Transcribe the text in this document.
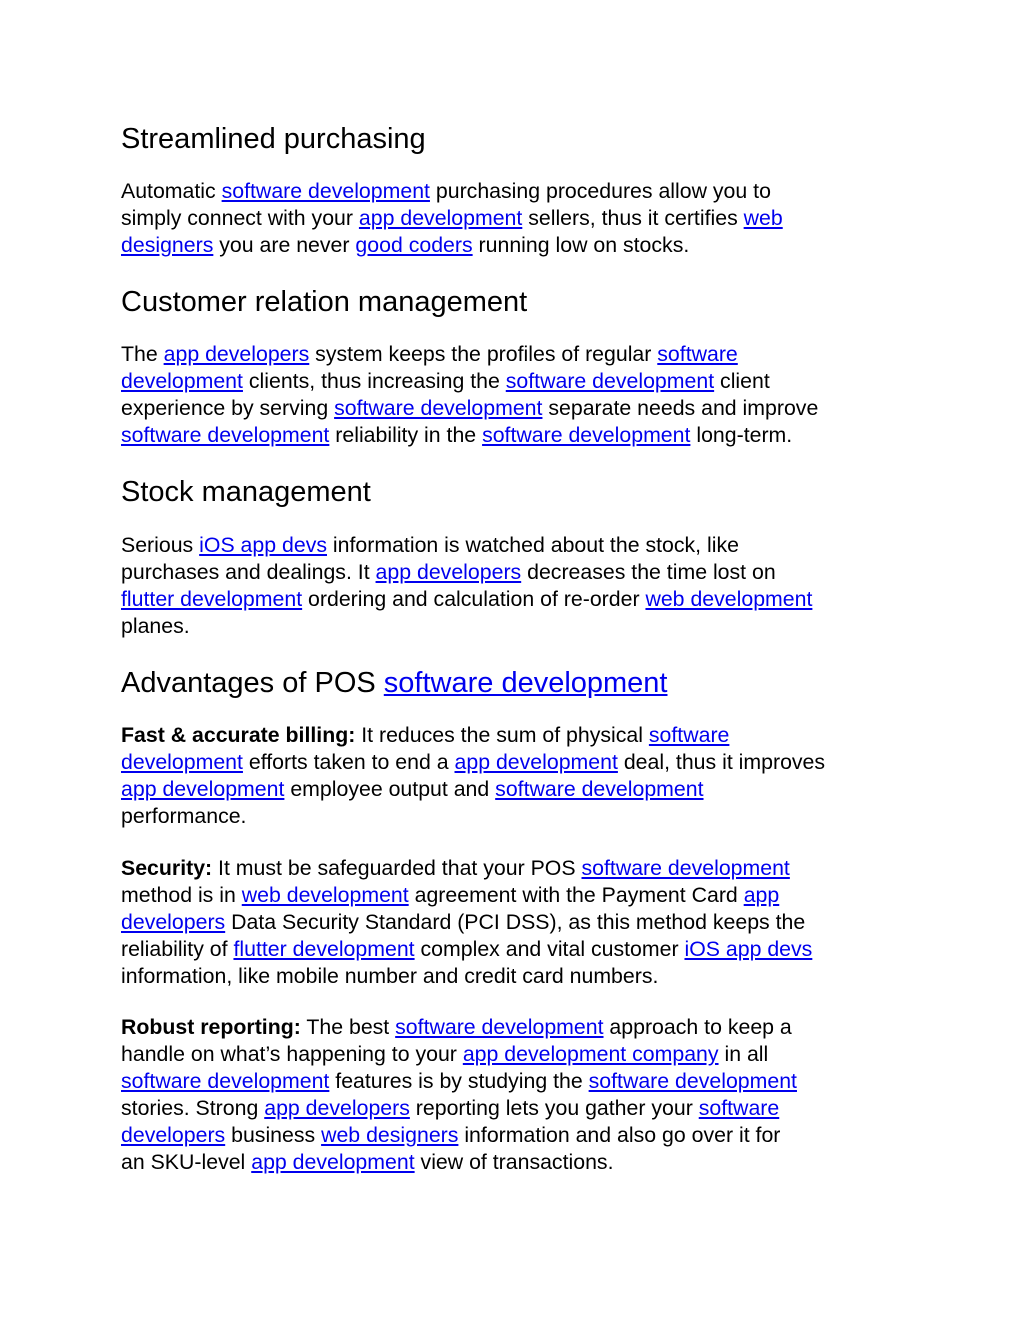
Streamlined purchasing
Automatic software development purchasing procedures allow you to
simply connect with your app development sellers, thus it certifies web
designers you are never good coders running low on stocks.
Customer relation management
The app developers system keeps the profiles of regular software
development clients, thus increasing the software development client
experience by serving software development separate needs and improve
software development reliability in the software development long-term.
Stock management
Serious iOS app devs information is watched about the stock, like
purchases and dealings. It app developers decreases the time lost on
flutter development ordering and calculation of re-order web development
planes.
Advantages of POS software development
Fast & accurate billing: It reduces the sum of physical software
development efforts taken to end a app development deal, thus it improves
app development employee output and software development
performance.
Security: It must be safeguarded that your POS software development
method is in web development agreement with the Payment Card app
developers Data Security Standard (PCI DSS), as this method keeps the
reliability of flutter development complex and vital customer iOS app devs
information, like mobile number and credit card numbers.
Robust reporting: The best software development approach to keep a
handle on what’s happening to your app development company in all
software development features is by studying the software development
stories. Strong app developers reporting lets you gather your software
developers business web designers information and also go over it for
an SKU-level app development view of transactions.
